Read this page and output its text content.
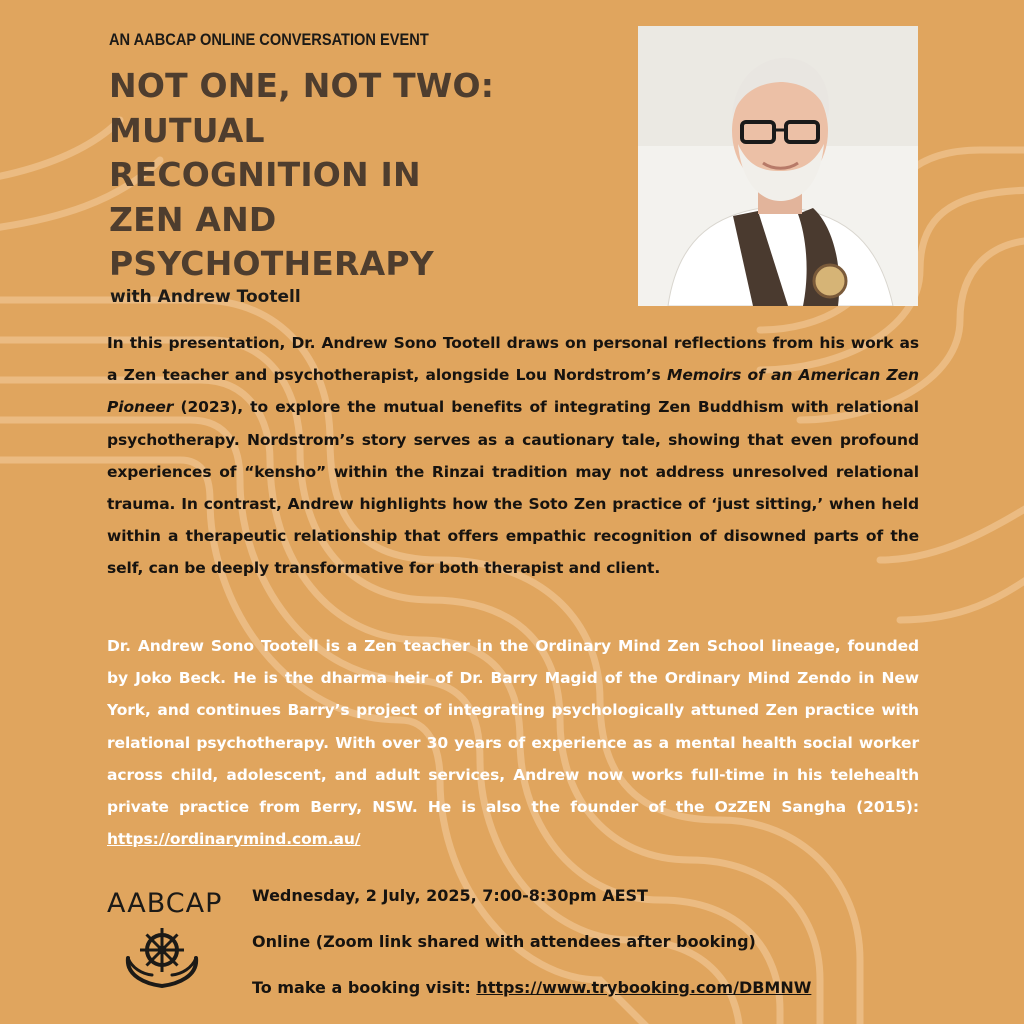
AN AABCAP ONLINE CONVERSATION EVENT
NOT ONE, NOT TWO:
MUTUAL
RECOGNITION IN
ZEN AND
PSYCHOTHERAPY
with Andrew Tootell

In this presentation, Dr. Andrew Sono Tootell draws on personal reflections from his work as a Zen teacher and psychotherapist, alongside Lou Nordstrom’s Memoirs of an American Zen Pioneer (2023), to explore the mutual benefits of integrating Zen Buddhism with relational psychotherapy. Nordstrom’s story serves as a cautionary tale, showing that even profound experiences of “kensho” within the Rinzai tradition may not address unresolved relational trauma. In contrast, Andrew highlights how the Soto Zen practice of ‘just sitting,’ when held within a therapeutic relationship that offers empathic recognition of disowned parts of the self, can be deeply transformative for both therapist and client.

Dr. Andrew Sono Tootell is a Zen teacher in the Ordinary Mind Zen School lineage, founded by Joko Beck. He is the dharma heir of Dr. Barry Magid of the Ordinary Mind Zendo in New York, and continues Barry’s project of integrating psychologically attuned Zen practice with relational psychotherapy. With over 30 years of experience as a mental health social worker across child, adolescent, and adult services, Andrew now works full-time in his telehealth private practice from Berry, NSW. He is also the founder of the OzZEN Sangha (2015): https://ordinarymind.com.au/

AABCAP Wednesday, 2 July, 2025, 7:00-8:30pm AEST
Online (Zoom link shared with attendees after booking)
To make a booking visit: https://www.trybooking.com/DBMNW
